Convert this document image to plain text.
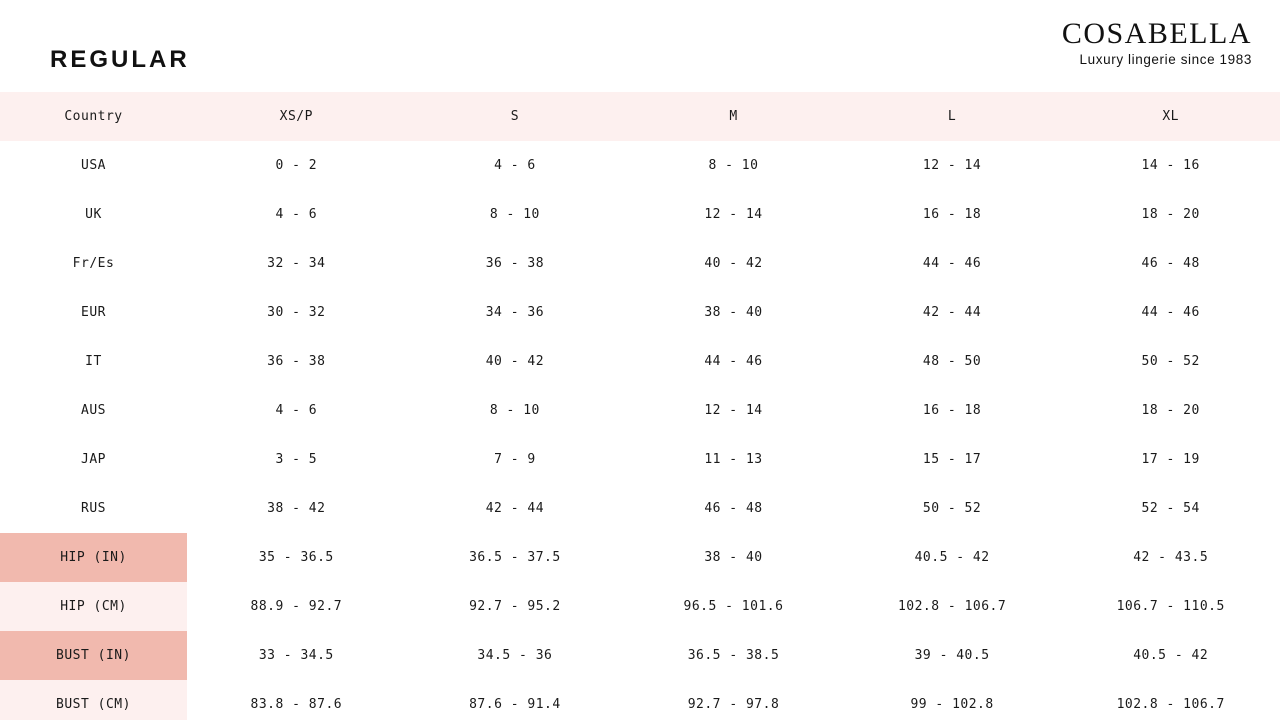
REGULAR
COSABELLA
Luxury lingerie since 1983
Country	XS/P	S	M	L	XL
USA	0 - 2	4 - 6	8 - 10	12 - 14	14 - 16
UK	4 - 6	8 - 10	12 - 14	16 - 18	18 - 20
Fr/Es	32 - 34	36 - 38	40 - 42	44 - 46	46 - 48
EUR	30 - 32	34 - 36	38 - 40	42 - 44	44 - 46
IT	36 - 38	40 - 42	44 - 46	48 - 50	50 - 52
AUS	4 - 6	8 - 10	12 - 14	16 - 18	18 - 20
JAP	3 - 5	7 - 9	11 - 13	15 - 17	17 - 19
RUS	38 - 42	42 - 44	46 - 48	50 - 52	52 - 54
HIP (IN)	35 - 36.5	36.5 - 37.5	38 - 40	40.5 - 42	42 - 43.5
HIP (CM)	88.9 - 92.7	92.7 - 95.2	96.5 - 101.6	102.8 - 106.7	106.7 - 110.5
BUST (IN)	33 - 34.5	34.5 - 36	36.5 - 38.5	39 - 40.5	40.5 - 42
BUST (CM)	83.8 - 87.6	87.6 - 91.4	92.7 - 97.8	99 - 102.8	102.8 - 106.7
